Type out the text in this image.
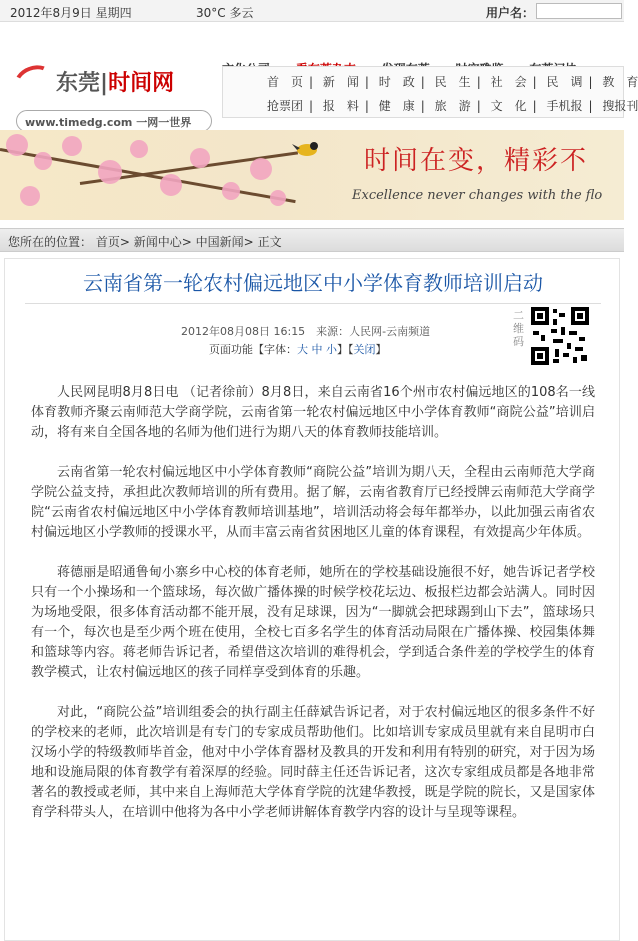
2012年8月9日 星期四	30°C 多云	用户名：
东莞|时间网
www.timedg.com 一网一世界

首　页 | 新　闻 | 时　政 | 民　生 | 社　会 | 民　调 | 教　育
抢票团 | 报　料 | 健　康 | 旅　游 | 文　化 | 手机报 | 搜报刊
时间在变，精彩不
Excellence never changes with the flo
您所在的位置： 首页> 新闻中心> 中国新闻> 正文
云南省第一轮农村偏远地区中小学体育教师培训启动
2012年08月08日 16:15　来源：人民网-云南频道
页面功能【字体：大 中 小】【关闭】
二维码

人民网昆明8月8日电 （记者徐前）8月8日，来自云南省16个州市农村偏远地区的108名一线体育教师齐聚云南师范大学商学院，云南省第一轮农村偏远地区中小学体育教师“商院公益”培训启动，将有来自全国各地的名师为他们进行为期八天的体育教师技能培训。

云南省第一轮农村偏远地区中小学体育教师“商院公益”培训为期八天，全程由云南师范大学商学院公益支持，承担此次教师培训的所有费用。据了解，云南省教育厅已经授牌云南师范大学商学院“云南省农村偏远地区中小学体育教师培训基地”，培训活动将会每年都举办，以此加强云南省农村偏远地区小学教师的授课水平，从而丰富云南省贫困地区儿童的体育课程，有效提高少年体质。

蒋德丽是昭通鲁甸小寨乡中心校的体育老师，她所在的学校基础设施很不好，她告诉记者学校只有一个小操场和一个篮球场，每次做广播体操的时候学校花坛边、板报栏边都会站满人。同时因为场地受限，很多体育活动都不能开展，没有足球课，因为“一脚就会把球踢到山下去”，篮球场只有一个，每次也是至少两个班在使用，全校七百多名学生的体育活动局限在广播体操、校园集体舞和篮球等内容。蒋老师告诉记者，希望借这次培训的难得机会，学到适合条件差的学校学生的体育教学模式，让农村偏远地区的孩子同样享受到体育的乐趣。

对此，“商院公益”培训组委会的执行副主任薛斌告诉记者，对于农村偏远地区的很多条件不好的学校来的老师，此次培训是有专门的专家成员帮助他们。比如培训专家成员里就有来自昆明市白汉场小学的特级教师毕首金，他对中小学体育器材及教具的开发和利用有特别的研究，对于因为场地和设施局限的体育教学有着深厚的经验。同时薛主任还告诉记者，这次专家组成员都是各地非常著名的教授或老师，其中来自上海师范大学体育学院的沈建华教授，既是学院的院长，又是国家体育学科带头人，在培训中他将为各中小学老师讲解体育教学内容的设计与呈现等课程。
